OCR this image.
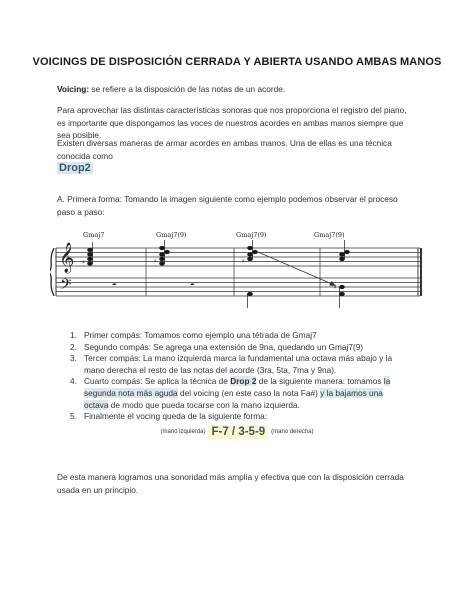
VOICINGS DE DISPOSICIÓN CERRADA Y ABIERTA USANDO AMBAS MANOS
Voicing: se refiere a la disposición de las notas de un acorde.
Para aprovechar las distintas características sonoras que nos proporciona el registro del piano, es importante que dispongamos las voces de nuestros acordes en ambas manos siempre que sea posible.
Existen diversas maneras de armar acordes en ambas manos. Una de ellas es una técnica conocida como
Drop2
A. Primera forma: Tomando la imagen siguiente como ejemplo podemos observar el proceso paso a paso:
𝄞
𝄢
Gmaj7	Gmaj7(9)	Gmaj7(9)	Gmaj7(9)
♯
𝄼
♯
𝄼
♯
♯
1. Primer compás: Tomamos como ejemplo una tétrada de Gmaj7
2. Segundo compás: Se agrega una extensión de 9na, quedando un Gmaj7(9)
3. Tercer compás: La mano izquierda marca la fundamental una octava más abajo y la mano derecha el resto de las notas del acorde (3ra, 5ta, 7ma y 9na).
4. Cuarto compás: Se aplica la técnica de Drop 2 de la siguiente manera: tomamos la segunda nota más aguda del voicing (en este caso la nota Fa#) y la bajamos una octava de modo que pueda tocarse con la mano izquierda.
5. Finalmente el vocing queda de la siguiente forma:
(mano izquierda) F-7 / 3-5-9 (mano derecha)
De esta manera logramos una sonoridad más amplia y efectiva que con la disposición cerrada usada en un principio.
